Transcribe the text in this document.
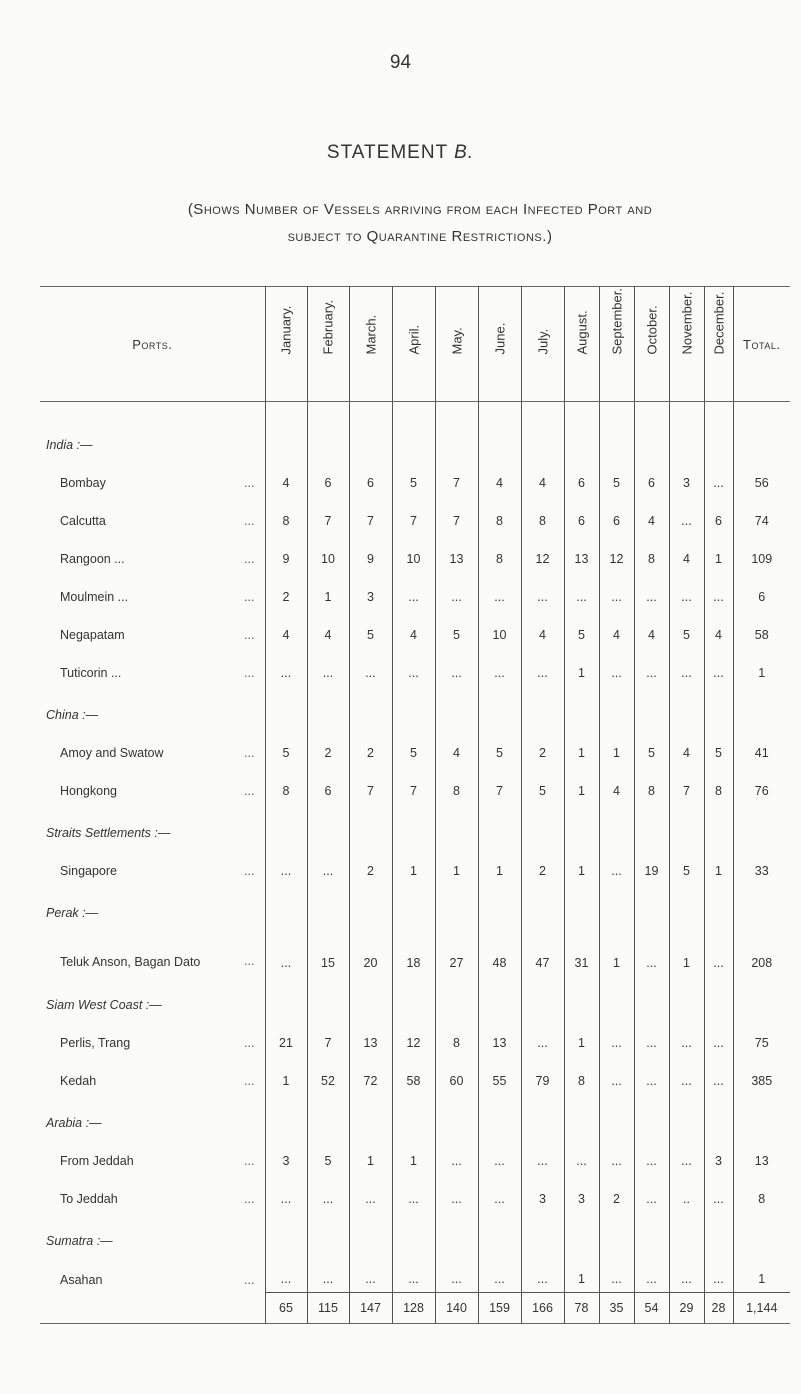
94
STATEMENT B.
(Shows Number of Vessels arriving from each Infected Port and
subject to Quarantine Restrictions.)
Ports.	January.	February.	March.	April.	May.	June.	July.	August.	September.	October.	November.	December.	Total.

India :—													
Bombay ...	4	6	6	5	7	4	4	6	5	6	3	...	56
Calcutta ...	8	7	7	7	7	8	8	6	6	4	...	6	74
Rangoon ... ...	9	10	9	10	13	8	12	13	12	8	4	1	109
Moulmein ... ...	2	1	3	...	...	...	...	...	...	...	...	...	6
Negapatam ...	4	4	5	4	5	10	4	5	4	4	5	4	58
Tuticorin ... ...	...	...	...	...	...	...	...	1	...	...	...	...	1
China :—													
Amoy and Swatow ...	5	2	2	5	4	5	2	1	1	5	4	5	41
Hongkong ...	8	6	7	7	8	7	5	1	4	8	7	8	76
Straits Settlements :—													
Singapore ...	...	...	2	1	1	1	2	1	...	19	5	1	33
Perak :—													
Teluk Anson, Bagan Dato ...	...	15	20	18	27	48	47	31	1	...	1	...	208
Siam West Coast :—													
Perlis, Trang ...	21	7	13	12	8	13	...	1	...	...	...	...	75
Kedah ...	1	52	72	58	60	55	79	8	...	...	...	...	385
Arabia :—													
From Jeddah ...	3	5	1	1	...	...	...	...	...	...	...	3	13
To Jeddah ...	...	...	...	...	...	...	3	3	2	...	..	...	8
Sumatra :—													
Asahan ...	...	...	...	...	...	...	...	1	...	...	...	...	1
	65	115	147	128	140	159	166	78	35	54	29	28	1,144
